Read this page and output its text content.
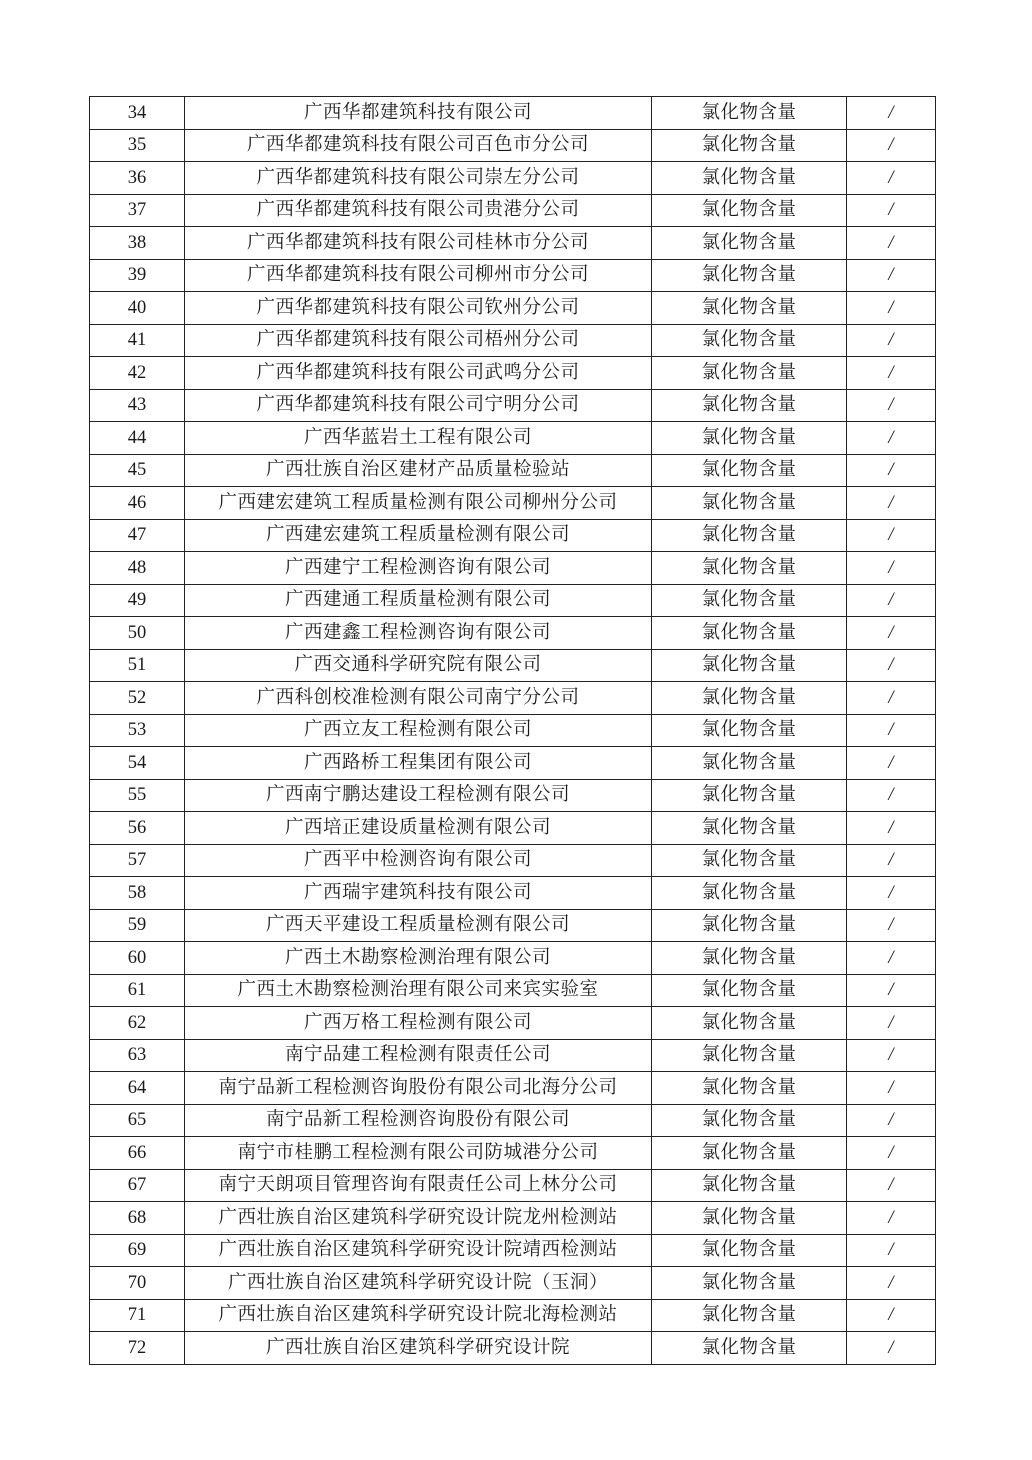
34	广西华都建筑科技有限公司	氯化物含量	/
35	广西华都建筑科技有限公司百色市分公司	氯化物含量	/
36	广西华都建筑科技有限公司崇左分公司	氯化物含量	/
37	广西华都建筑科技有限公司贵港分公司	氯化物含量	/
38	广西华都建筑科技有限公司桂林市分公司	氯化物含量	/
39	广西华都建筑科技有限公司柳州市分公司	氯化物含量	/
40	广西华都建筑科技有限公司钦州分公司	氯化物含量	/
41	广西华都建筑科技有限公司梧州分公司	氯化物含量	/
42	广西华都建筑科技有限公司武鸣分公司	氯化物含量	/
43	广西华都建筑科技有限公司宁明分公司	氯化物含量	/
44	广西华蓝岩土工程有限公司	氯化物含量	/
45	广西壮族自治区建材产品质量检验站	氯化物含量	/
46	广西建宏建筑工程质量检测有限公司柳州分公司	氯化物含量	/
47	广西建宏建筑工程质量检测有限公司	氯化物含量	/
48	广西建宁工程检测咨询有限公司	氯化物含量	/
49	广西建通工程质量检测有限公司	氯化物含量	/
50	广西建鑫工程检测咨询有限公司	氯化物含量	/
51	广西交通科学研究院有限公司	氯化物含量	/
52	广西科创校准检测有限公司南宁分公司	氯化物含量	/
53	广西立友工程检测有限公司	氯化物含量	/
54	广西路桥工程集团有限公司	氯化物含量	/
55	广西南宁鹏达建设工程检测有限公司	氯化物含量	/
56	广西培正建设质量检测有限公司	氯化物含量	/
57	广西平中检测咨询有限公司	氯化物含量	/
58	广西瑞宇建筑科技有限公司	氯化物含量	/
59	广西天平建设工程质量检测有限公司	氯化物含量	/
60	广西土木勘察检测治理有限公司	氯化物含量	/
61	广西土木勘察检测治理有限公司来宾实验室	氯化物含量	/
62	广西万格工程检测有限公司	氯化物含量	/
63	南宁品建工程检测有限责任公司	氯化物含量	/
64	南宁品新工程检测咨询股份有限公司北海分公司	氯化物含量	/
65	南宁品新工程检测咨询股份有限公司	氯化物含量	/
66	南宁市桂鹏工程检测有限公司防城港分公司	氯化物含量	/
67	南宁天朗项目管理咨询有限责任公司上林分公司	氯化物含量	/
68	广西壮族自治区建筑科学研究设计院龙州检测站	氯化物含量	/
69	广西壮族自治区建筑科学研究设计院靖西检测站	氯化物含量	/
70	广西壮族自治区建筑科学研究设计院（玉洞）	氯化物含量	/
71	广西壮族自治区建筑科学研究设计院北海检测站	氯化物含量	/
72	广西壮族自治区建筑科学研究设计院	氯化物含量	/
